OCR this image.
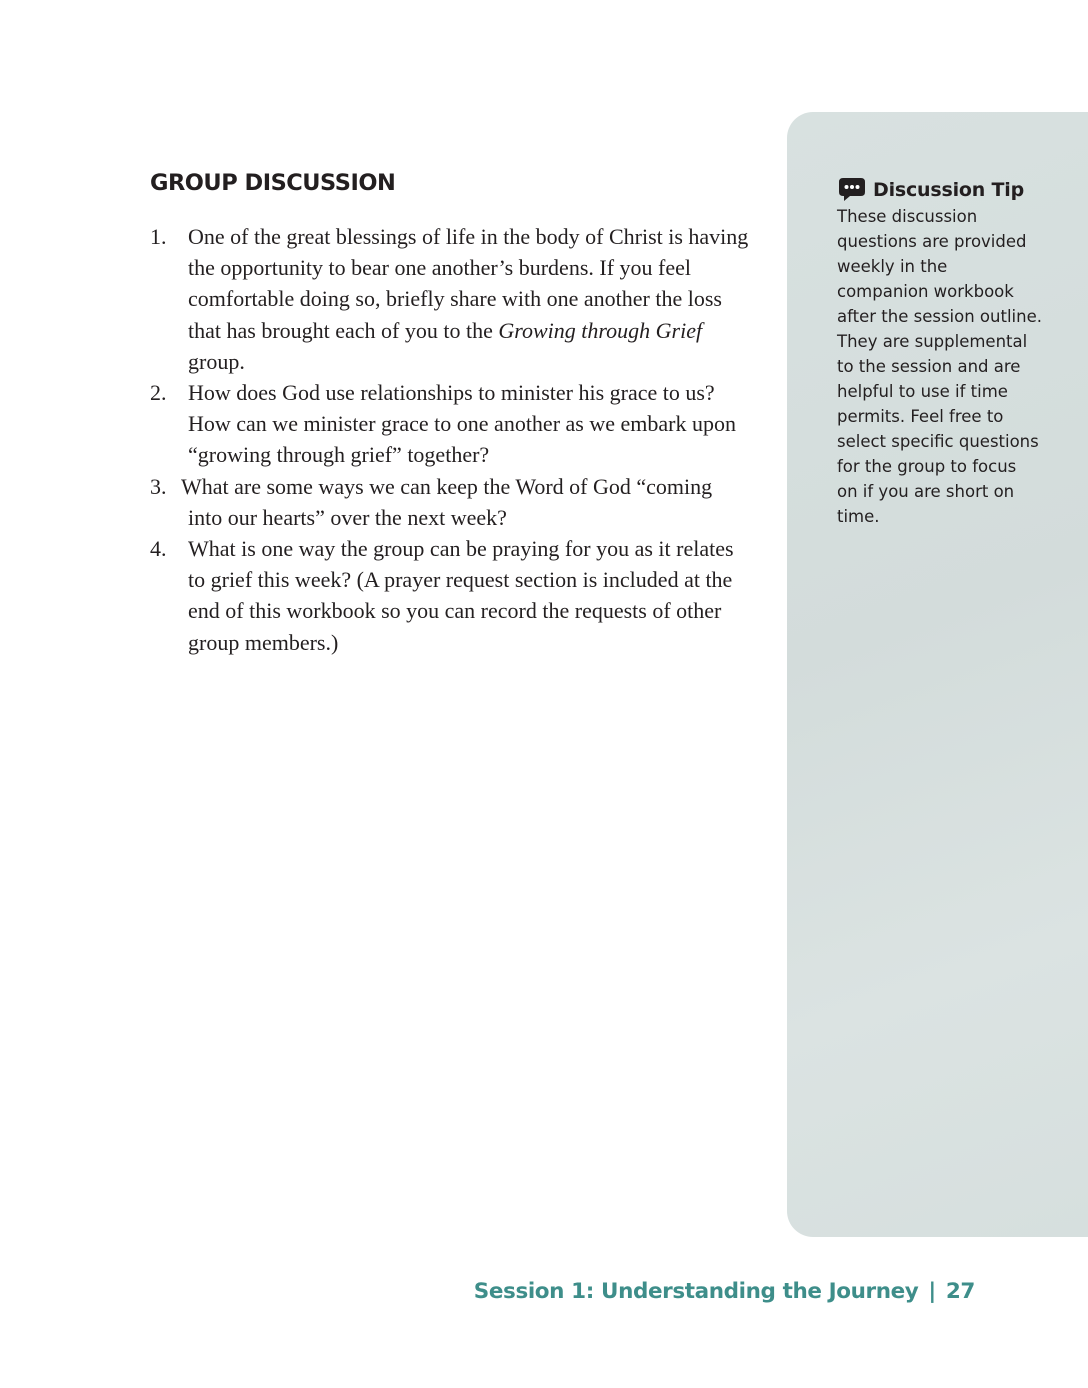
Discussion Tip

These discussion questions are provided weekly in the companion workbook after the session outline. They are supplemental to the session and are helpful to use if time permits. Feel free to select specific questions for the group to focus on if you are short on time.

GROUP DISCUSSION
1. One of the great blessings of life in the body of Christ is having the opportunity to bear one another’s burdens. If you feel comfortable doing so, briefly share with one another the loss that has brought each of you to the Growing through Grief group.
2. How does God use relationships to minister his grace to us? How can we minister grace to one another as we embark upon “growing through grief” together?
3. What are some ways we can keep the Word of God “coming into our hearts” over the next week?
4. What is one way the group can be praying for you as it relates to grief this week? (A prayer request section is included at the end of this workbook so you can record the requests of other group members.)
Session 1: Understanding the Journey | 27
